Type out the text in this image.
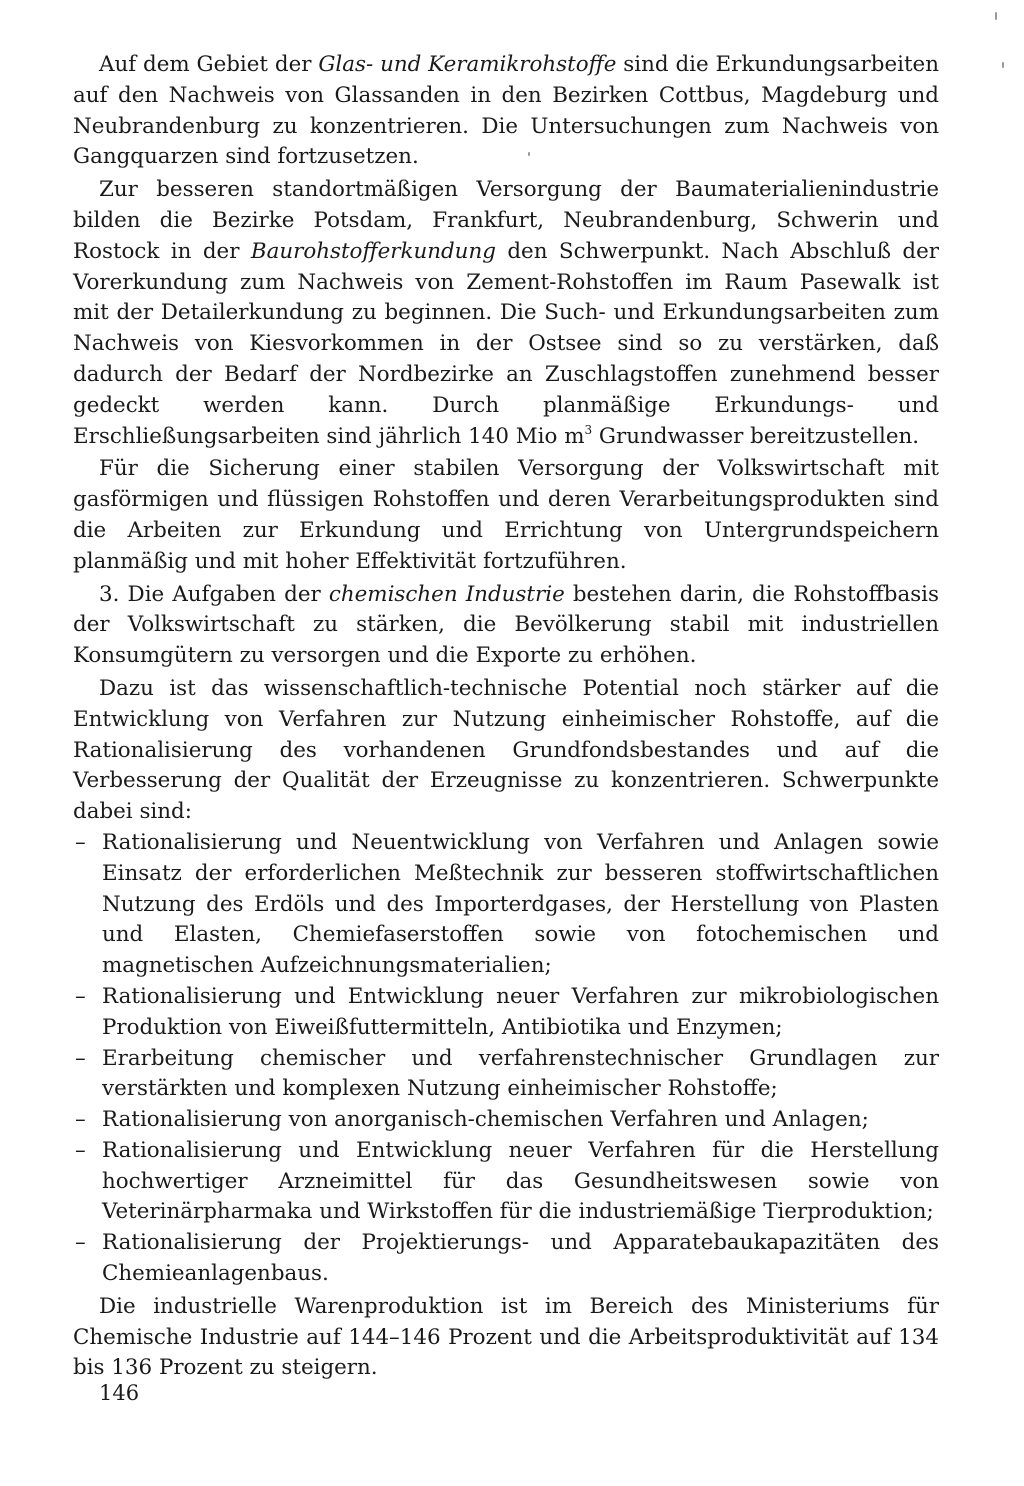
Auf dem Gebiet der Glas- und Keramikrohstoffe sind die Erkundungsarbeiten auf den Nachweis von Glassanden in den Bezirken Cottbus, Magdeburg und Neubrandenburg zu konzentrieren. Die Untersuchungen zum Nachweis von Gangquarzen sind fortzusetzen.

Zur besseren standortmäßigen Versorgung der Baumaterialienindustrie bilden die Bezirke Potsdam, Frankfurt, Neubrandenburg, Schwerin und Rostock in der Baurohstofferkundung den Schwerpunkt. Nach Abschluß der Vorerkundung zum Nachweis von Zement-Rohstoffen im Raum Pasewalk ist mit der Detailerkundung zu beginnen. Die Such- und Erkundungsarbeiten zum Nachweis von Kiesvorkommen in der Ostsee sind so zu verstärken, daß dadurch der Bedarf der Nordbezirke an Zuschlagstoffen zunehmend besser gedeckt werden kann. Durch planmäßige Erkundungs- und Erschließungsarbeiten sind jährlich 140 Mio $m^3$ Grundwasser bereitzustellen.

Für die Sicherung einer stabilen Versorgung der Volkswirtschaft mit gasförmigen und flüssigen Rohstoffen und deren Verarbeitungsprodukten sind die Arbeiten zur Erkundung und Errichtung von Untergrundspeichern planmäßig und mit hoher Effektivität fortzuführen.

3. Die Aufgaben der chemischen Industrie bestehen darin, die Rohstoffbasis der Volkswirtschaft zu stärken, die Bevölkerung stabil mit industriellen Konsumgütern zu versorgen und die Exporte zu erhöhen.

Dazu ist das wissenschaftlich-technische Potential noch stärker auf die Entwicklung von Verfahren zur Nutzung einheimischer Rohstoffe, auf die Rationalisierung des vorhandenen Grundfondsbestandes und auf die Verbesserung der Qualität der Erzeugnisse zu konzentrieren. Schwerpunkte dabei sind:

– Rationalisierung und Neuentwicklung von Verfahren und Anlagen sowie Einsatz der erforderlichen Meßtechnik zur besseren stoffwirtschaftlichen Nutzung des Erdöls und des Importerdgases, der Herstellung von Plasten und Elasten, Chemiefaserstoffen sowie von fotochemischen und magnetischen Aufzeichnungsmaterialien;
– Rationalisierung und Entwicklung neuer Verfahren zur mikrobiologischen Produktion von Eiweißfuttermitteln, Antibiotika und Enzymen;
– Erarbeitung chemischer und verfahrenstechnischer Grundlagen zur verstärkten und komplexen Nutzung einheimischer Rohstoffe;
– Rationalisierung von anorganisch-chemischen Verfahren und Anlagen;
– Rationalisierung und Entwicklung neuer Verfahren für die Herstellung hochwertiger Arzneimittel für das Gesundheitswesen sowie von Veterinärpharmaka und Wirkstoffen für die industriemäßige Tierproduktion;
– Rationalisierung der Projektierungs- und Apparatebaukapazitäten des Chemieanlagenbaus.

Die industrielle Warenproduktion ist im Bereich des Ministeriums für Chemische Industrie auf 144–146 Prozent und die Arbeitsproduktivität auf 134 bis 136 Prozent zu steigern.

146
